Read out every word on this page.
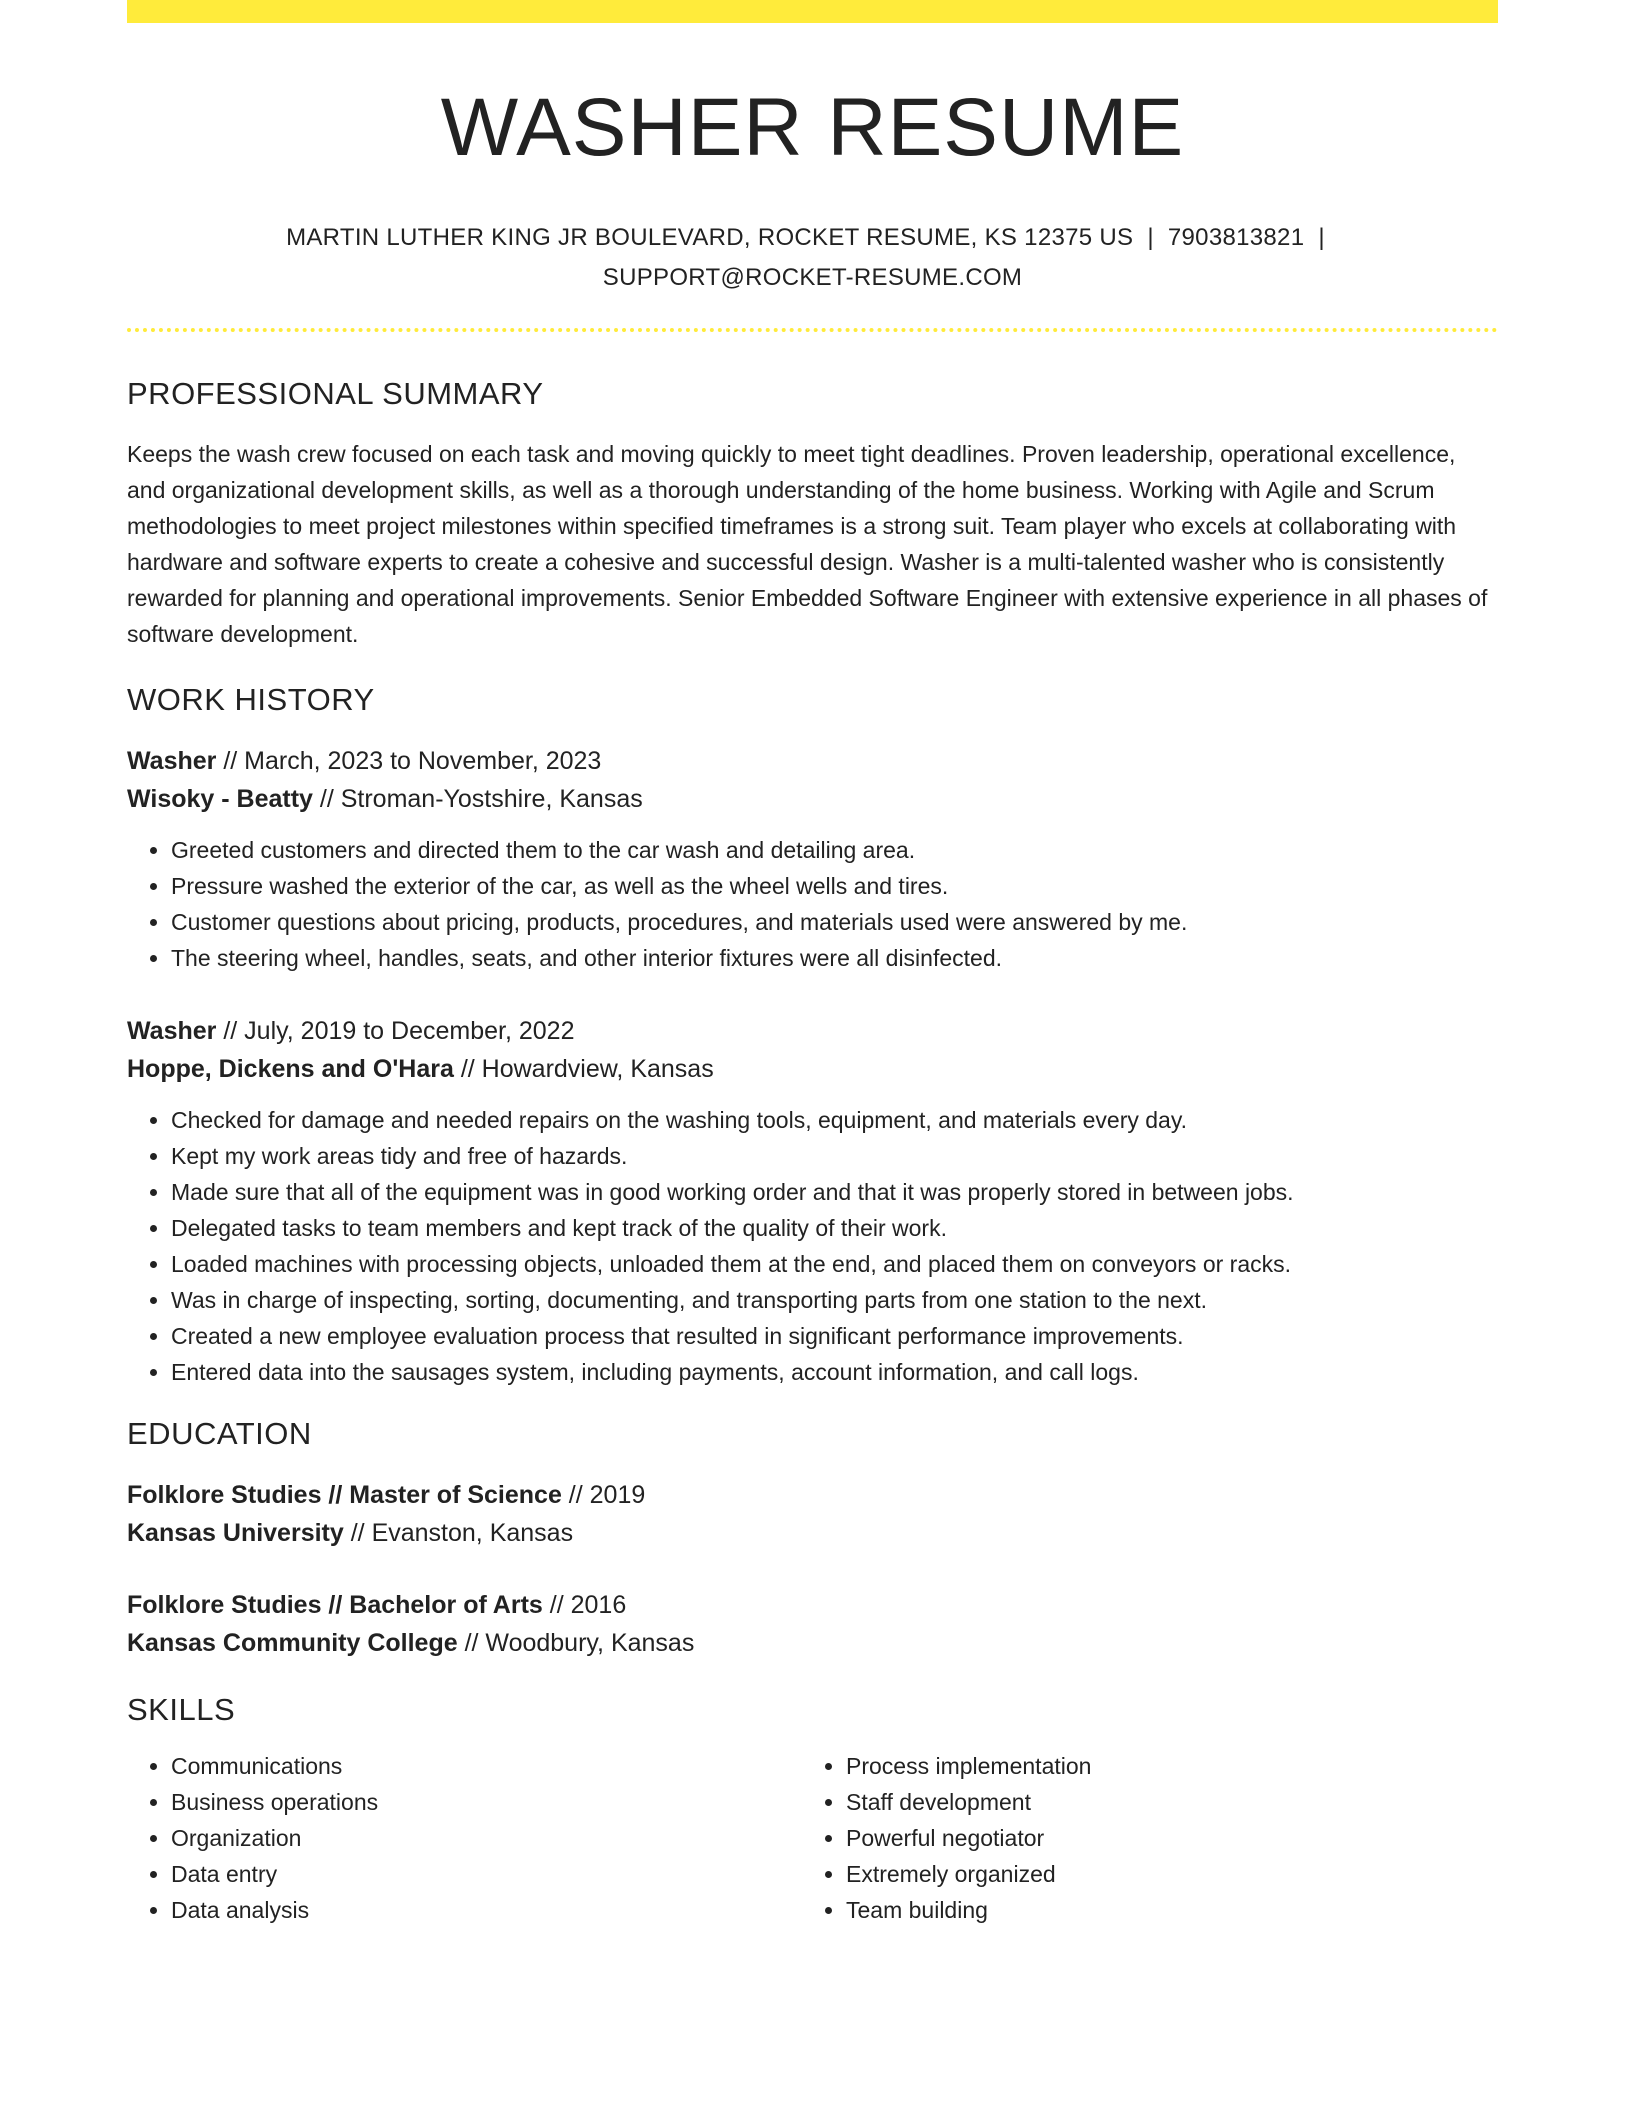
WASHER RESUME
MARTIN LUTHER KING JR BOULEVARD, ROCKET RESUME, KS 12375 US | 7903813821 |
SUPPORT@ROCKET-RESUME.COM
PROFESSIONAL SUMMARY
Keeps the wash crew focused on each task and moving quickly to meet tight deadlines. Proven leadership, operational excellence, and organizational development skills, as well as a thorough understanding of the home business. Working with Agile and Scrum methodologies to meet project milestones within specified timeframes is a strong suit. Team player who excels at collaborating with hardware and software experts to create a cohesive and successful design. Washer is a multi-talented washer who is consistently rewarded for planning and operational improvements. Senior Embedded Software Engineer with extensive experience in all phases of software development.
WORK HISTORY
Washer // March, 2023 to November, 2023
Wisoky - Beatty // Stroman-Yostshire, Kansas
• Greeted customers and directed them to the car wash and detailing area.
• Pressure washed the exterior of the car, as well as the wheel wells and tires.
• Customer questions about pricing, products, procedures, and materials used were answered by me.
• The steering wheel, handles, seats, and other interior fixtures were all disinfected.
Washer // July, 2019 to December, 2022
Hoppe, Dickens and O'Hara // Howardview, Kansas
• Checked for damage and needed repairs on the washing tools, equipment, and materials every day.
• Kept my work areas tidy and free of hazards.
• Made sure that all of the equipment was in good working order and that it was properly stored in between jobs.
• Delegated tasks to team members and kept track of the quality of their work.
• Loaded machines with processing objects, unloaded them at the end, and placed them on conveyors or racks.
• Was in charge of inspecting, sorting, documenting, and transporting parts from one station to the next.
• Created a new employee evaluation process that resulted in significant performance improvements.
• Entered data into the sausages system, including payments, account information, and call logs.
EDUCATION
Folklore Studies // Master of Science // 2019
Kansas University // Evanston, Kansas
Folklore Studies // Bachelor of Arts // 2016
Kansas Community College // Woodbury, Kansas
SKILLS
• Communications
• Business operations
• Organization
• Data entry
• Data analysis
• Process implementation
• Staff development
• Powerful negotiator
• Extremely organized
• Team building
